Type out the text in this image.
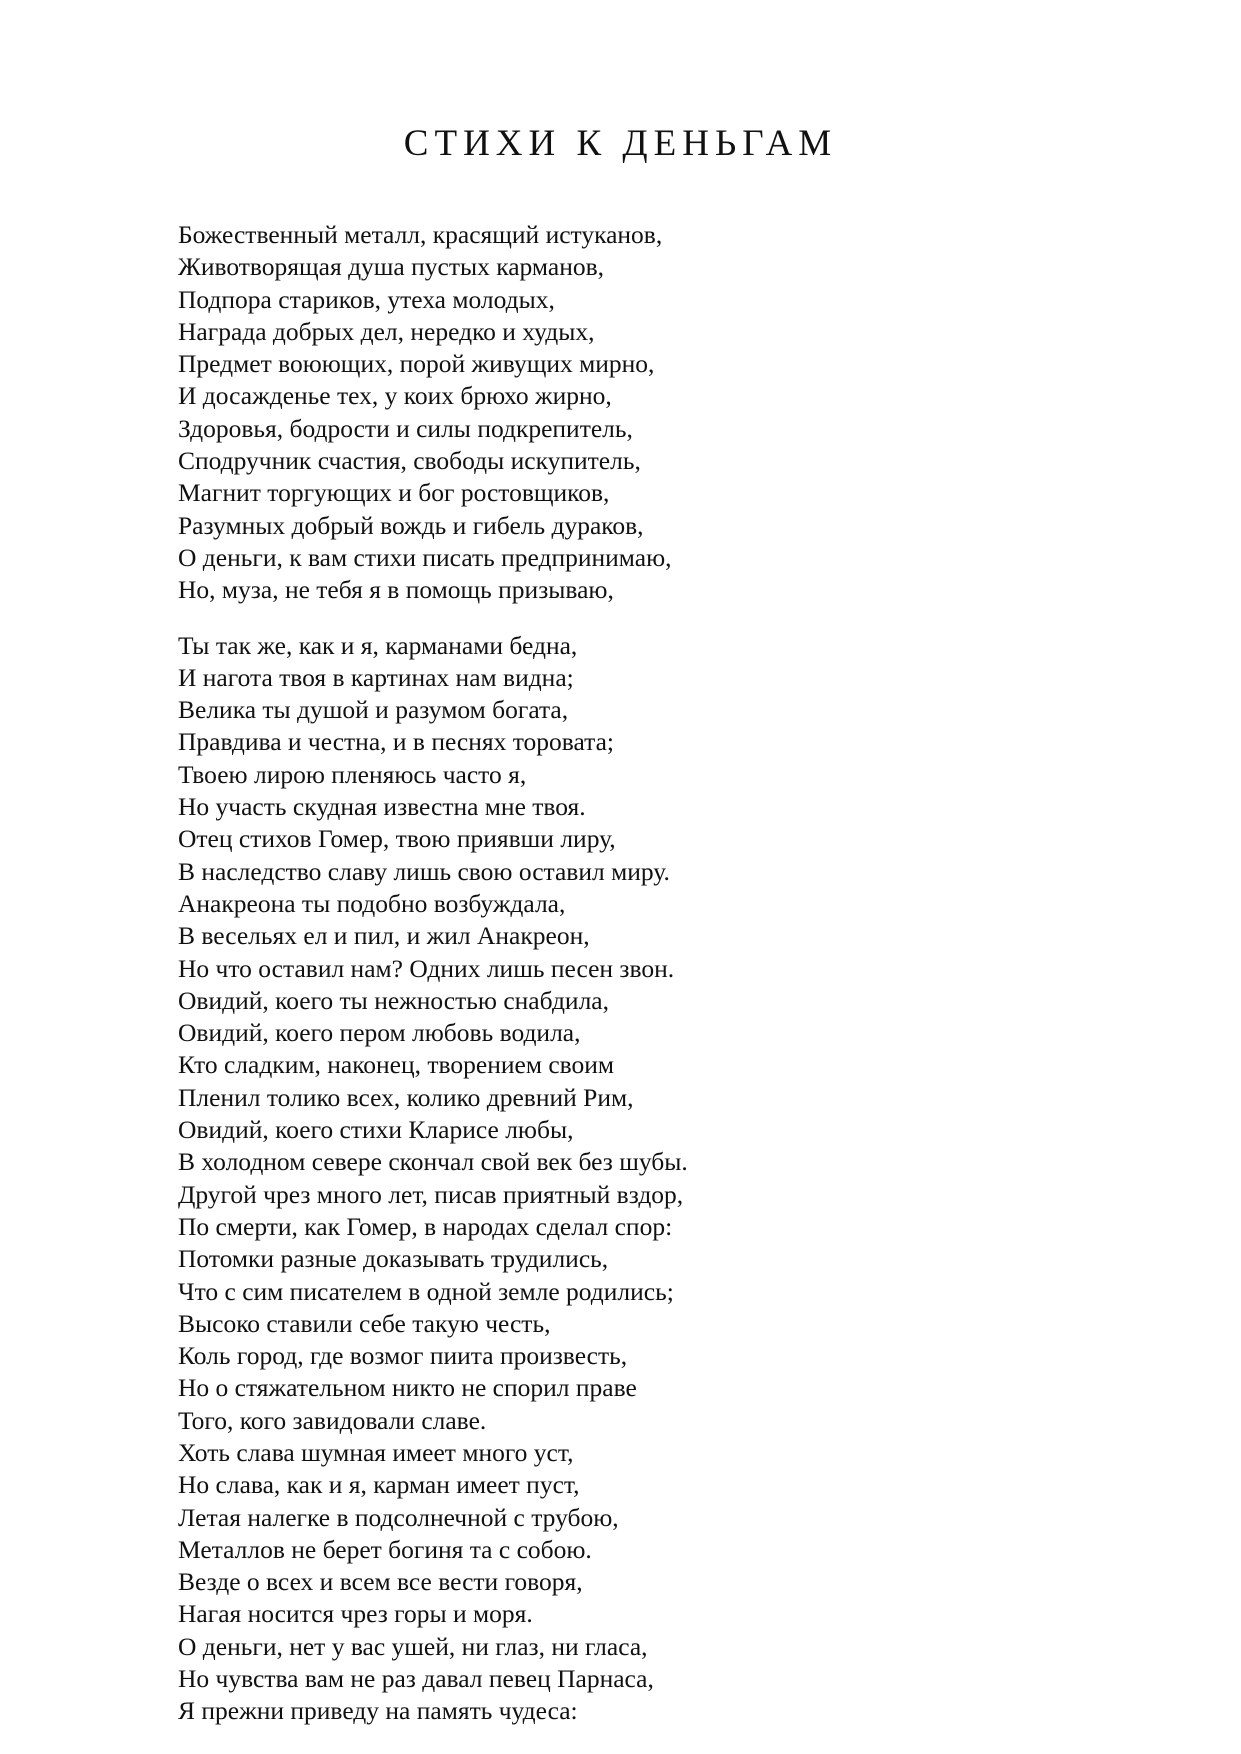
СТИХИ К ДЕНЬГАМ
Божественный металл, красящий истуканов,
Животворящая душа пустых карманов,
Подпора стариков, утеха молодых,
Награда добрых дел, нередко и худых,
Предмет воюющих, порой живущих мирно,
И досажденье тех, у коих брюхо жирно,
Здоровья, бодрости и силы подкрепитель,
Сподручник счастия, свободы искупитель,
Магнит торгующих и бог ростовщиков,
Разумных добрый вождь и гибель дураков,
О деньги, к вам стихи писать предпринимаю,
Но, муза, не тебя я в помощь призываю,
Ты так же, как и я, карманами бедна,
И нагота твоя в картинах нам видна;
Велика ты душой и разумом богата,
Правдива и честна, и в песнях торовата;
Твоею лирою пленяюсь часто я,
Но участь скудная известна мне твоя.
Отец стихов Гомер, твою приявши лиру,
В наследство славу лишь свою оставил миру.
Анакреона ты подобно возбуждала,
В весельях ел и пил, и жил Анакреон,
Но что оставил нам? Одних лишь песен звон.
Овидий, коего ты нежностью снабдила,
Овидий, коего пером любовь водила,
Кто сладким, наконец, творением своим
Пленил толико всех, колико древний Рим,
Овидий, коего стихи Кларисе любы,
В холодном севере скончал свой век без шубы.
Другой чрез много лет, писав приятный вздор,
По смерти, как Гомер, в народах сделал спор:
Потомки разные доказывать трудились,
Что с сим писателем в одной земле родились;
Высоко ставили себе такую честь,
Коль город, где возмог пиита произвесть,
Но о стяжательном никто не спорил праве
Того, кого завидовали славе.
Хоть слава шумная имеет много уст,
Но слава, как и я, карман имеет пуст,
Летая налегке в подсолнечной с трубою,
Металлов не берет богиня та с собою.
Везде о всех и всем все вести говоря,
Нагая носится чрез горы и моря.
О деньги, нет у вас ушей, ни глаз, ни гласа,
Но чувства вам не раз давал певец Парнаса,
Я прежни приведу на память чудеса:
